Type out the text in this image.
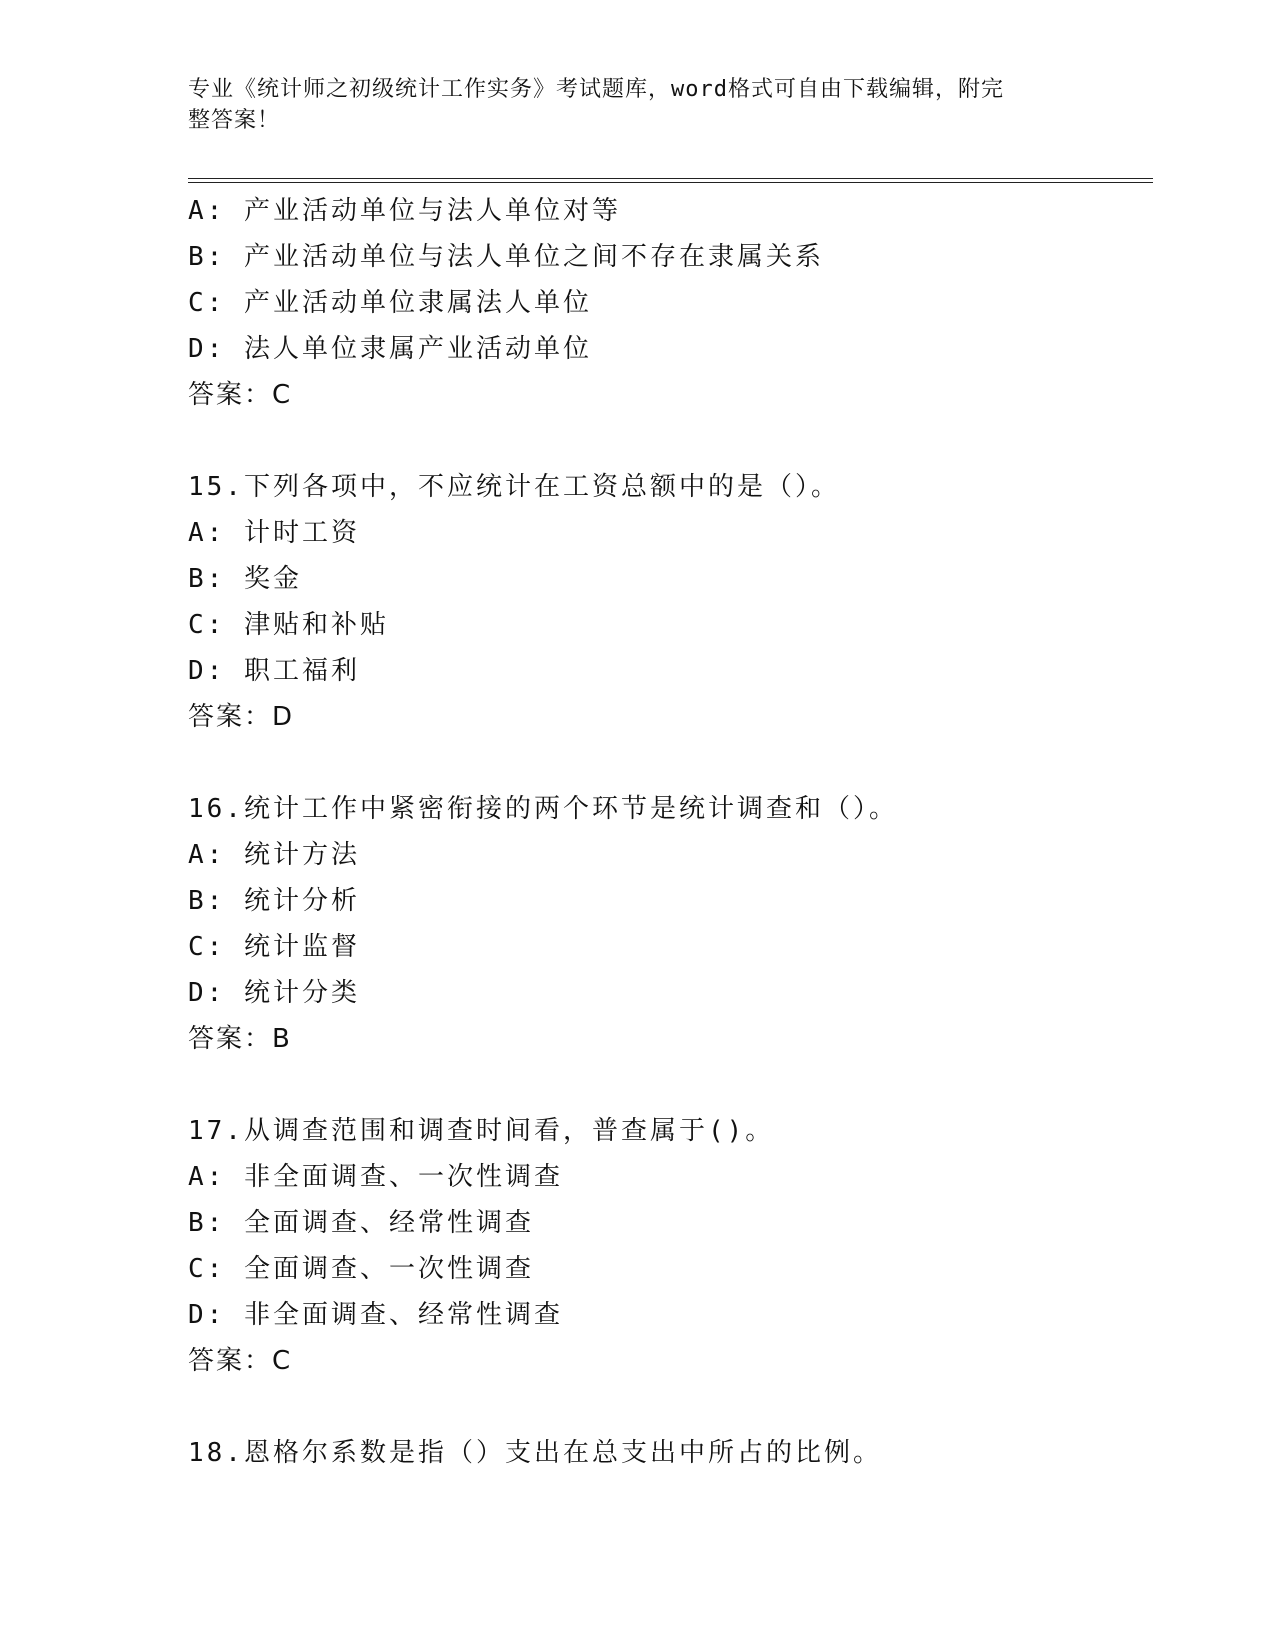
专业《统计师之初级统计工作实务》考试题库，word格式可自由下载编辑，附完
整答案！
A: 产业活动单位与法人单位对等
B: 产业活动单位与法人单位之间不存在隶属关系
C: 产业活动单位隶属法人单位
D: 法人单位隶属产业活动单位
答案：C
15.下列各项中，不应统计在工资总额中的是（）。
A: 计时工资
B: 奖金
C: 津贴和补贴
D: 职工福利
答案：D
16.统计工作中紧密衔接的两个环节是统计调查和（）。
A: 统计方法
B: 统计分析
C: 统计监督
D: 统计分类
答案：B
17.从调查范围和调查时间看，普查属于()。
A: 非全面调查、一次性调查
B: 全面调查、经常性调查
C: 全面调查、一次性调查
D: 非全面调查、经常性调查
答案：C
18.恩格尔系数是指（）支出在总支出中所占的比例。
